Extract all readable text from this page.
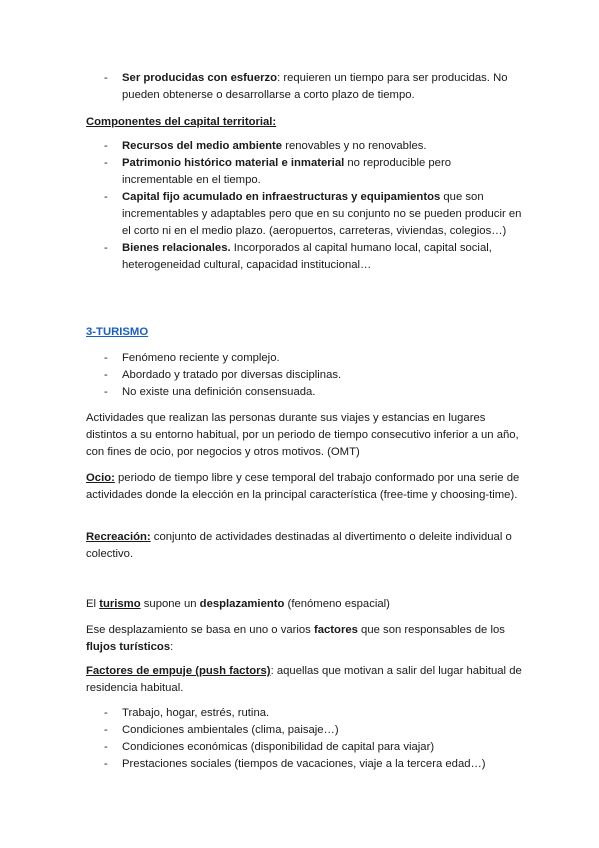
- Ser producidas con esfuerzo: requieren un tiempo para ser producidas. No pueden obtenerse o desarrollarse a corto plazo de tiempo.

Componentes del capital territorial:

- Recursos del medio ambiente renovables y no renovables.
- Patrimonio histórico material e inmaterial no reproducible pero incrementable en el tiempo.
- Capital fijo acumulado en infraestructuras y equipamientos que son incrementables y adaptables pero que en su conjunto no se pueden producir en el corto ni en el medio plazo. (aeropuertos, carreteras, viviendas, colegios…)
- Bienes relacionales. Incorporados al capital humano local, capital social, heterogeneidad cultural, capacidad institucional…

3-TURISMO

- Fenómeno reciente y complejo.
- Abordado y tratado por diversas disciplinas.
- No existe una definición consensuada.

Actividades que realizan las personas durante sus viajes y estancias en lugares distintos a su entorno habitual, por un periodo de tiempo consecutivo inferior a un año, con fines de ocio, por negocios y otros motivos. (OMT)

Ocio: periodo de tiempo libre y cese temporal del trabajo conformado por una serie de actividades donde la elección en la principal característica (free-time y choosing-time).

Recreación: conjunto de actividades destinadas al divertimento o deleite individual o colectivo.

El turismo supone un desplazamiento (fenómeno espacial)

Ese desplazamiento se basa en uno o varios factores que son responsables de los flujos turísticos:

Factores de empuje (push factors): aquellas que motivan a salir del lugar habitual de residencia habitual.

- Trabajo, hogar, estrés, rutina.
- Condiciones ambientales (clima, paisaje…)
- Condiciones económicas (disponibilidad de capital para viajar)
- Prestaciones sociales (tiempos de vacaciones, viaje a la tercera edad…)
